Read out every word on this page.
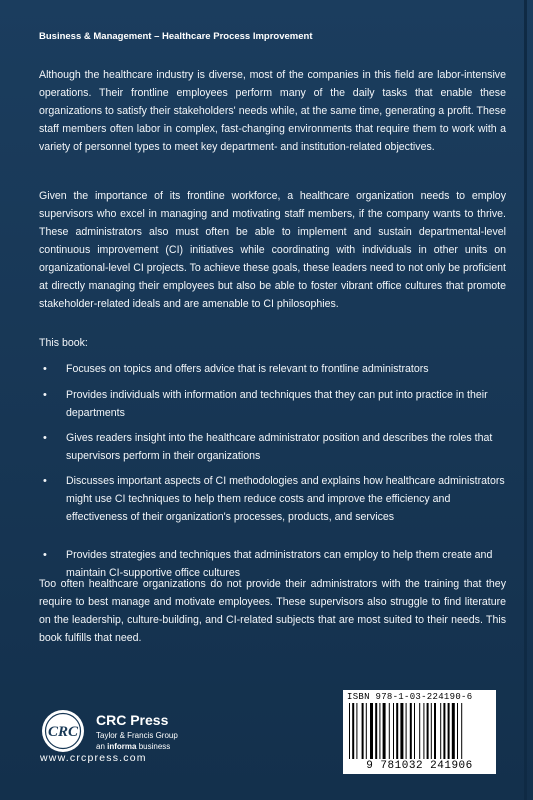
Business & Management – Healthcare Process Improvement

Although the healthcare industry is diverse, most of the companies in this field are labor-intensive operations. Their frontline employees perform many of the daily tasks that enable these organizations to satisfy their stakeholders' needs while, at the same time, generating a profit. These staff members often labor in complex, fast-changing environments that require them to work with a variety of personnel types to meet key department- and institution-related objectives.

Given the importance of its frontline workforce, a healthcare organization needs to employ supervisors who excel in managing and motivating staff members, if the company wants to thrive. These administrators also must often be able to implement and sustain departmental-level continuous improvement (CI) initiatives while coordinating with individuals in other units on organizational-level CI projects. To achieve these goals, these leaders need to not only be proficient at directly managing their employees but also be able to foster vibrant office cultures that promote stakeholder-related ideals and are amenable to CI philosophies.

This book:

• Focuses on topics and offers advice that is relevant to frontline administrators
• Provides individuals with information and techniques that they can put into practice in their departments
• Gives readers insight into the healthcare administrator position and describes the roles that supervisors perform in their organizations
• Discusses important aspects of CI methodologies and explains how healthcare administrators might use CI techniques to help them reduce costs and improve the efficiency and effectiveness of their organization's processes, products, and services
• Provides strategies and techniques that administrators can employ to help them create and maintain CI-supportive office cultures

Too often healthcare organizations do not provide their administrators with the training that they require to best manage and motivate employees. These supervisors also struggle to find literature on the leadership, culture-building, and CI-related subjects that are most suited to their needs. This book fulfills that need.

CRC
CRC Press
Taylor & Francis Group
an informa business
www.crcpress.com
ISBN 978-1-03-224190-6
9 781032 241906
